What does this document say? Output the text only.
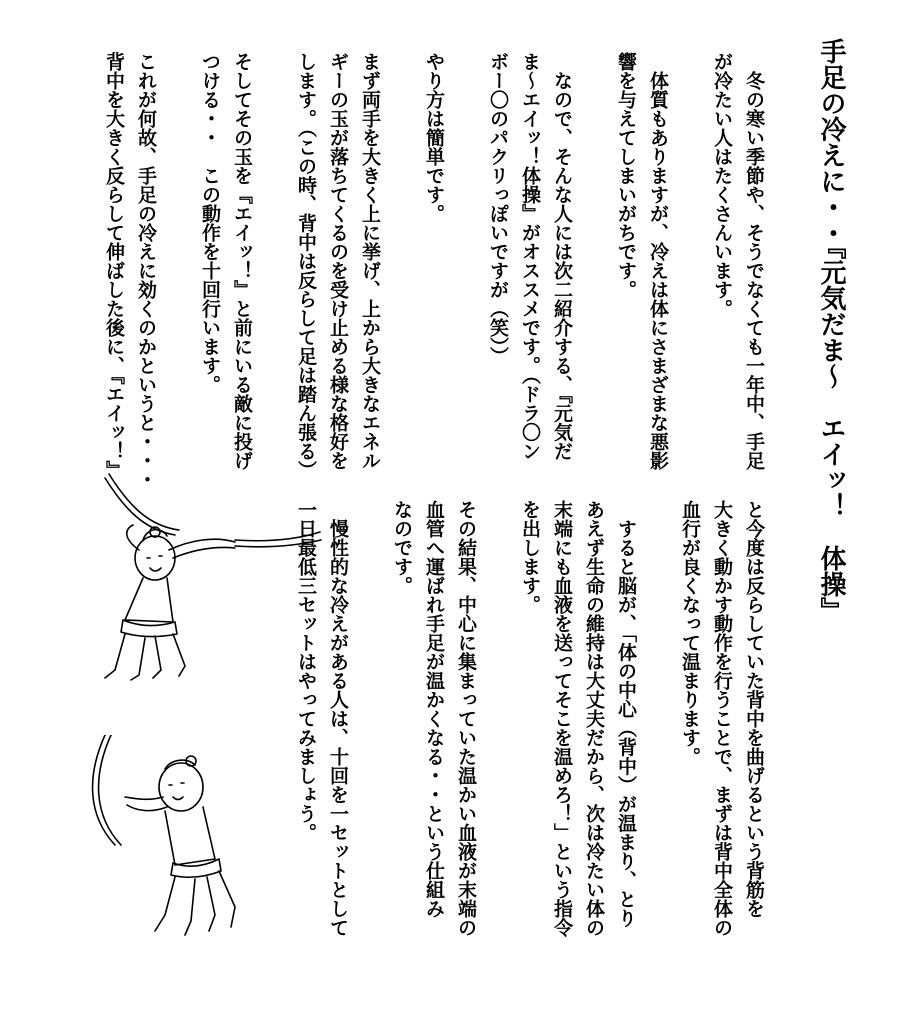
手足の冷えに・・『元気だま～　エイッ！　体操』
　冬の寒い季節や、そうでなくても一年中、手足
が冷たい人はたくさんいます。

　体質もありますが、冷えは体にさまざまな悪影
響を与えてしまいがちです。

　なので、そんな人には次二紹介する、『元気だ
ま～エイッ！体操』がオススメです。（ドラ〇ン
ボー〇のパクリっぽいですが（笑））

やり方は簡単です。

まず両手を大きく上に挙げ、上から大きなエネル
ギーの玉が落ちてくるのを受け止める様な格好を
します。（この時、背中は反らして足は踏ん張る）

そしてその玉を『エイッ！』と前にいる敵に投げ
つける・・　この動作を十回行います。

これが何故、手足の冷えに効くのかというと・・・
背中を大きく反らして伸ばした後に、『エイッ！』
と今度は反らしていた背中を曲げるという背筋を
大きく動かす動作を行うことで、まずは背中全体の
血行が良くなって温まります。

　すると脳が、「体の中心（背中）が温まり、とり
あえず生命の維持は大丈夫だから、次は冷たい体の
末端にも血液を送ってそこを温めろ！」という指令
を出します。

その結果、中心に集まっていた温かい血液が末端の
血管へ運ばれ手足が温かくなる・・という仕組み
なのです。

　慢性的な冷えがある人は、十回を一セットとして
一日最低三セットはやってみましょう。
